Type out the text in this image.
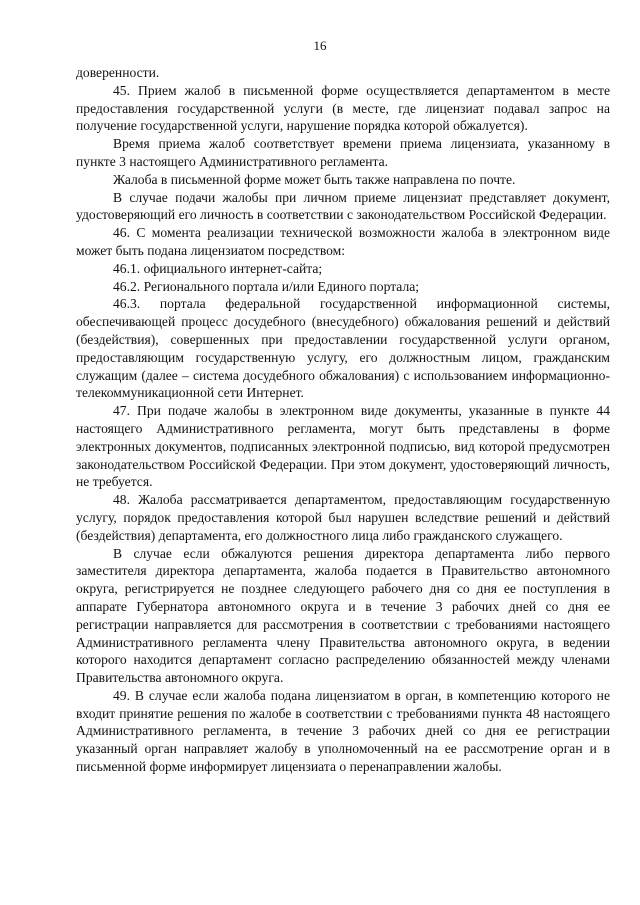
16

доверенности.

45. Прием жалоб в письменной форме осуществляется департаментом в месте предоставления государственной услуги (в месте, где лицензиат подавал запрос на получение государственной услуги, нарушение порядка которой обжалуется).

Время приема жалоб соответствует времени приема лицензиата, указанному в пункте 3 настоящего Административного регламента.

Жалоба в письменной форме может быть также направлена по почте.

В случае подачи жалобы при личном приеме лицензиат представляет документ, удостоверяющий его личность в соответствии с законодательством Российской Федерации.

46. С момента реализации технической возможности жалоба в электронном виде может быть подана лицензиатом посредством:

46.1. официального интернет-сайта;

46.2. Регионального портала и/или Единого портала;

46.3. портала федеральной государственной информационной системы, обеспечивающей процесс досудебного (внесудебного) обжалования решений и действий (бездействия), совершенных при предоставлении государственной услуги органом, предоставляющим государственную услугу, его должностным лицом, гражданским служащим (далее – система досудебного обжалования) с использованием информационно-телекоммуникационной сети Интернет.

47. При подаче жалобы в электронном виде документы, указанные в пункте 44 настоящего Административного регламента, могут быть представлены в форме электронных документов, подписанных электронной подписью, вид которой предусмотрен законодательством Российской Федерации. При этом документ, удостоверяющий личность, не требуется.

48. Жалоба рассматривается департаментом, предоставляющим государственную услугу, порядок предоставления которой был нарушен вследствие решений и действий (бездействия) департамента, его должностного лица либо гражданского служащего.

В случае если обжалуются решения директора департамента либо первого заместителя директора департамента, жалоба подается в Правительство автономного округа, регистрируется не позднее следующего рабочего дня со дня ее поступления в аппарате Губернатора автономного округа и в течение 3 рабочих дней со дня ее регистрации направляется для рассмотрения в соответствии с требованиями настоящего Административного регламента члену Правительства автономного округа, в ведении которого находится департамент согласно распределению обязанностей между членами Правительства автономного округа.

49. В случае если жалоба подана лицензиатом в орган, в компетенцию которого не входит принятие решения по жалобе в соответствии с требованиями пункта 48 настоящего Административного регламента, в течение 3 рабочих дней со дня ее регистрации указанный орган направляет жалобу в уполномоченный на ее рассмотрение орган и в письменной форме информирует лицензиата о перенаправлении жалобы.
